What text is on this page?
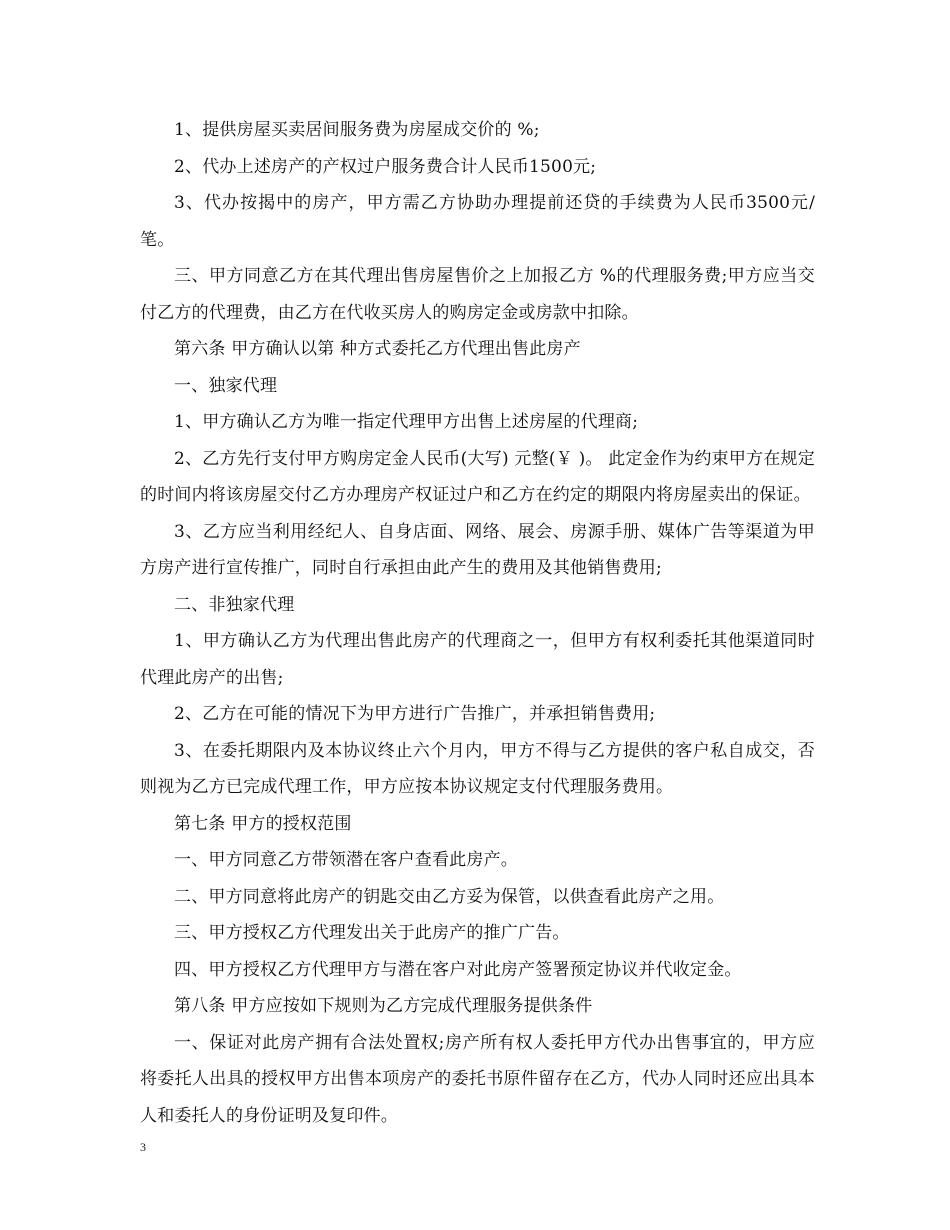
1、提供房屋买卖居间服务费为房屋成交价的 %;

2、代办上述房产的产权过户服务费合计人民币1500元;

3、代办按揭中的房产，甲方需乙方协助办理提前还贷的手续费为人民币3500元/笔。

三、甲方同意乙方在其代理出售房屋售价之上加报乙方 %的代理服务费;甲方应当交付乙方的代理费，由乙方在代收买房人的购房定金或房款中扣除。

第六条 甲方确认以第 种方式委托乙方代理出售此房产

一、独家代理

1、甲方确认乙方为唯一指定代理甲方出售上述房屋的代理商;

2、乙方先行支付甲方购房定金人民币(大写) 元整(￥ )。 此定金作为约束甲方在规定的时间内将该房屋交付乙方办理房产权证过户和乙方在约定的期限内将房屋卖出的保证。

3、乙方应当利用经纪人、自身店面、网络、展会、房源手册、媒体广告等渠道为甲方房产进行宣传推广，同时自行承担由此产生的费用及其他销售费用;

二、非独家代理

1、甲方确认乙方为代理出售此房产的代理商之一，但甲方有权利委托其他渠道同时代理此房产的出售;

2、乙方在可能的情况下为甲方进行广告推广，并承担销售费用;

3、在委托期限内及本协议终止六个月内，甲方不得与乙方提供的客户私自成交，否则视为乙方已完成代理工作，甲方应按本协议规定支付代理服务费用。

第七条 甲方的授权范围

一、甲方同意乙方带领潜在客户查看此房产。

二、甲方同意将此房产的钥匙交由乙方妥为保管，以供查看此房产之用。

三、甲方授权乙方代理发出关于此房产的推广广告。

四、甲方授权乙方代理甲方与潜在客户对此房产签署预定协议并代收定金。

第八条 甲方应按如下规则为乙方完成代理服务提供条件

一、保证对此房产拥有合法处置权;房产所有权人委托甲方代办出售事宜的，甲方应将委托人出具的授权甲方出售本项房产的委托书原件留存在乙方，代办人同时还应出具本人和委托人的身份证明及复印件。

3
